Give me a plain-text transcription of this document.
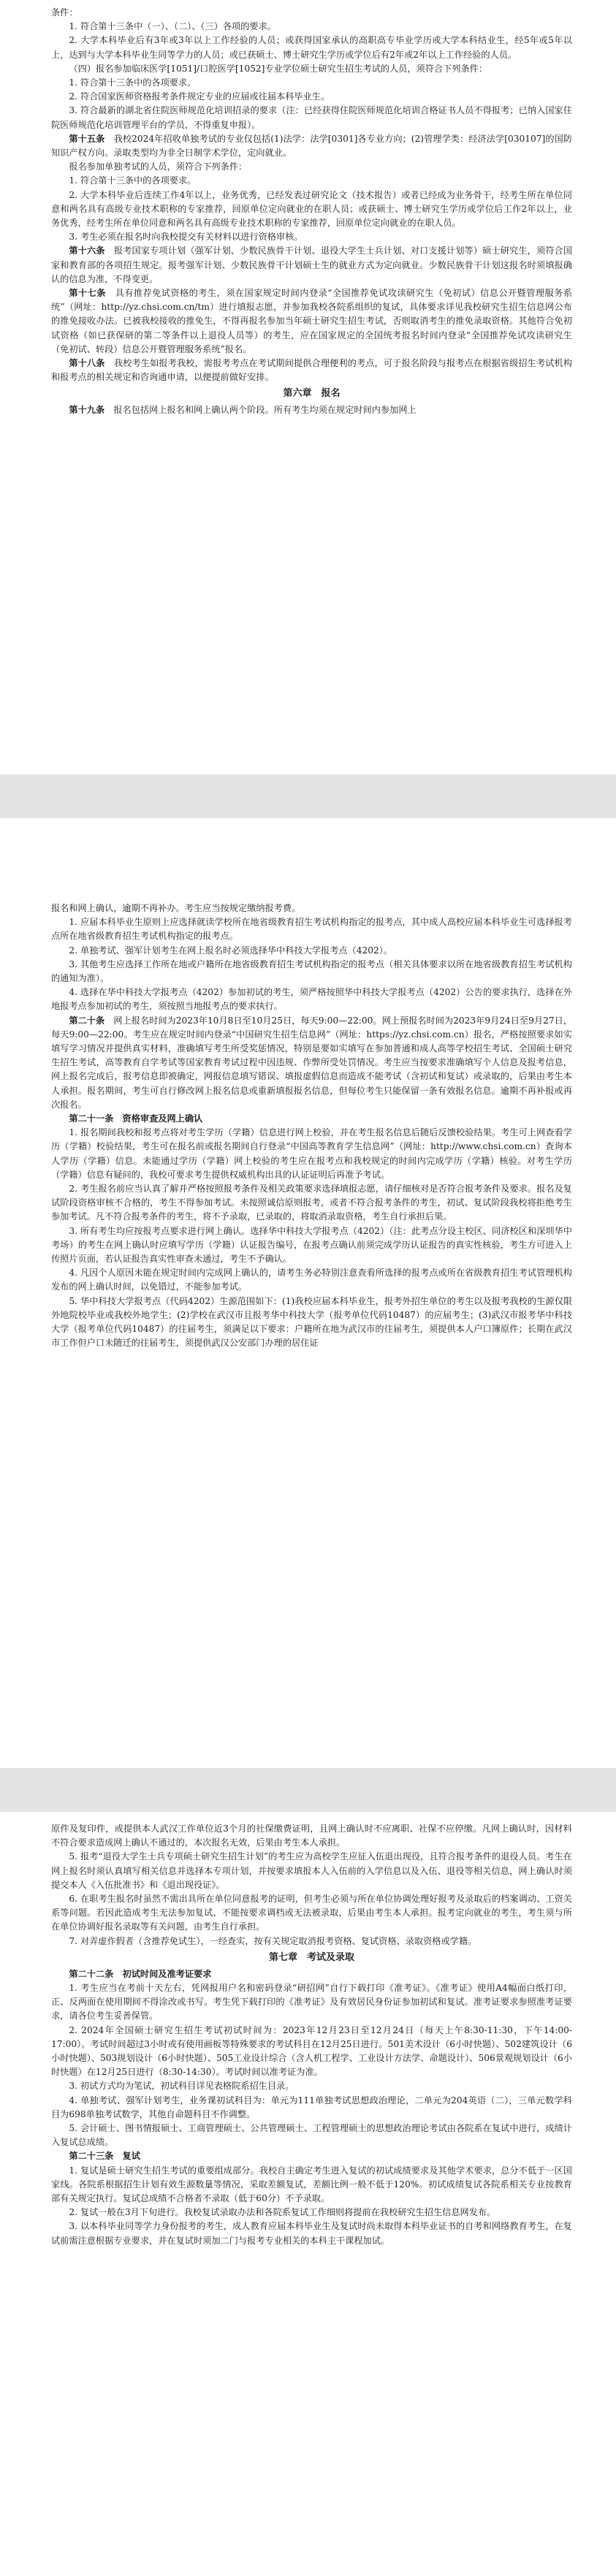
条件：

1. 符合第十三条中（一）、（二）、（三）各项的要求。

2. 大学本科毕业后有3年或3年以上工作经验的人员；或获得国家承认的高职高专毕业学历或大学本科结业生，经5年或5年以上，达到与大学本科毕业生同等学力的人员；或已获硕士、博士研究生学历或学位后有2年或2年以上工作经验的人员。

（四）报名参加临床医学[1051]/口腔医学[1052]专业学位硕士研究生招生考试的人员，须符合下列条件：

1. 符合第十三条中的各项要求。

2. 符合国家医师资格报考条件规定专业的应届或往届本科毕业生。

3. 符合最新的湖北省住院医师规范化培训招录的要求（注：已经获得住院医师规范化培训合格证书人员不得报考；已纳入国家住院医师规范化培训管理平台的学员，不得重复申报）。

第十五条　 我校2024年招收单独考试的专业仅包括(1)法学：法学[0301]各专业方向；(2)管理学类：经济法学[030107]的国防知识产权方向。录取类型均为非全日制学术学位，定向就业。

报名参加单独考试的人员，须符合下列条件：

1. 符合第十三条中的各项要求。

2. 大学本科毕业后连续工作4年以上，业务优秀，已经发表过研究论文（技术报告）或者已经成为业务骨干，经考生所在单位同意和两名具有高级专业技术职称的专家推荐，回原单位定向就业的在职人员；或获硕士、博士研究生学历或学位后工作2年以上，业务优秀，经考生所在单位同意和两名具有高级专业技术职称的专家推荐，回原单位定向就业的在职人员。

3. 考生必须在报名时向我校提交有关材料以进行资格审核。

第十六条　 报考国家专项计划（强军计划、少数民族骨干计划、退役大学生士兵计划、对口支援计划等）硕士研究生，须符合国家和教育部的各项招生规定。报考强军计划、少数民族骨干计划硕士生的就业方式为定向就业。少数民族骨干计划这报名时须填报确认的信息为准，不得变更。

第十七条　 具有推荐免试资格的考生，须在国家规定时间内登录“全国推荐免试攻读研究生（免初试）信息公开暨管理服务系统”（网址：http://yz.chsi.com.cn/tm）进行填报志愿，并参加我校各院系组织的复试，具体要求详见我校研究生招生信息网公布的推免接收办法。已被我校接收的推免生，不得再报名参加当年硕士研究生招生考试，否则取消考生的推免录取资格。其他符合免初试资格（如已获保研的第二等条件以上退役人员等）的考生，应在国家规定的全国统考报名时间内登录“全国推荐免试攻读研究生（免初试、转段）信息公开暨管理服务系统”报名。

第十八条　 我校考生如报考我校，需报考考点在考试期间提供合理便利的考点，可于报名阶段与报考点在根据省级招生考试机构和报考点的相关规定和咨询通申请，以便提前做好安排。

第六章　报名

第十九条　 报名包括网上报名和网上确认两个阶段。所有考生均须在规定时间内参加网上

报名和网上确认，逾期不再补办。考生应当按规定缴纳报考费。

1. 应届本科毕业生原则上应选择就读学校所在地省级教育招生考试机构指定的报考点，其中成人高校应届本科毕业生可选择报考点所在地省级教育招生考试机构指定的报考点。

2. 单独考试、强军计划考生在网上报名时必须选择华中科技大学报考点（4202）。

3. 其他考生应选择工作所在地或户籍所在地省级教育招生考试机构指定的报考点（相关具体要求以所在地省级教育招生考试机构的通知为准）。

4. 选择在华中科技大学报考点（4202）参加初试的考生，须严格按照华中科技大学报考点（4202）公告的要求执行，选择在外地报考点参加初试的考生，须按照当地报考点的要求执行。

第二十条　 网上报名时间为2023年10月8日至10月25日，每天9:00—22:00。网上预报名时间为2023年9月24日至9月27日，每天9:00—22:00。考生应在规定时间内登录“中国研究生招生信息网”（网址：https://yz.chsi.com.cn）报名，严格按照要求如实填写学习情况并提供真实材料，准确填写考生所受奖惩情况，特别是要如实填写在参加普通和成人高等学校招生考试、全国硕士研究生招生考试，高等教育自学考试等国家教育考试过程中因违规、作弊所受处罚情况。考生应当按要求准确填写个人信息及报考信息，网上报名完成后，报考信息即被确定，网报信息填写错误、填报虚假信息而造成不能考试（含初试和复试）或录取的，后果由考生本人承担。报名期间，考生可自行修改网上报名信息或重新填报报名信息，但每位考生只能保留一条有效报名信息。逾期不再补报或再次报名。

第二十一条　 资格审查及网上确认

1. 报名期间我校和报考点将对考生学历（学籍）信息进行网上校验，并在考生报名信息后随后反馈校验结果。考生可上网查看学历（学籍）校验结果，考生可在报名前或报名期间自行登录“中国高等教育学生信息网”（网址：http://www.chsi.com.cn）查询本人学历（学籍）信息。未能通过学历（学籍）网上校验的考生应在报考点和我校规定的时间内完成学历（学籍）核验。对考生学历（学籍）信息有疑问的，我校可要求考生提供权威机构出具的认证证明后再准予考试。

2. 考生报名前应当认真了解并严格按照报考条件及相关政策要求选择填报志愿，请仔细核对是否符合报考条件及要求。报名及复试阶段资格审核不合格的，考生不得参加考试。未按照诚信原则报考，或者不符合报考条件的考生，初试、复试阶段我校将拒绝考生参加考试。凡不符合报考条件的考生，将不予录取，已录取的，将取消录取资格，考生自行承担后果。

3. 所有考生均应按报考点要求进行网上确认。选择华中科技大学报考点（4202）（注：此考点分设主校区、同济校区和深圳华中考场）的考生在网上确认时应填写学历（学籍）认证报告编号，在报考点确认前须完成学历认证报告的真实性核验，考生方可进入上传照片页面，若认证报告真实性审查未通过，考生不予确认。

4. 凡因个人原因未能在规定时间内完成网上确认的，请考生务必特别注意查看所选择的报考点或所在省级教育招生考试管理机构发布的网上确认时间，以免错过，不能参加考试。

5. 华中科技大学报考点（代码4202）生源范围如下：(1)我校应届本科毕业生，报考外招生单位的考生以及报考我校的生源仅限外地院校毕业或我校外地学生；(2)学校在武汉市且报考华中科技大学（报考单位代码10487）的应届考生；(3)武汉市报考华中科技大学（报考单位代码10487）的往届考生，须满足以下要求：户籍所在地为武汉市的往届考生，须提供本人户口簿原件；长期在武汉市工作但户口未随迁的往届考生，须提供武汉公安部门办理的居住证

原件及复印件，或提供本人武汉工作单位近3个月的社保缴费证明，且网上确认时不应离职、社保不应停缴。凡网上确认时，因材料不符合要求造成网上确认不通过的，本次报名无效，后果由考生本人承担。

5. 报考“退役大学生士兵专项硕士研究生招生计划”的考生应为高校学生应征入伍退出现役，且符合报考条件的退役人员。考生在网上报名时须认真填写相关信息并选择本专项计划，并按要求填报本人入伍前的入学信息以及入伍、退役等相关信息，网上确认时须提交本人《入伍批准书》和《退出现役证》。

6. 在职考生报名时虽然不需出具所在单位同意报考的证明，但考生必须与所在单位协调处理好报考及录取后的档案调动、工资关系等问题。若因此造成考生无法参加复试、不能按要求调档或无法被录取，后果由考生本人承担。报考定向就业的考生，考生须与所在单位协调好报名录取等有关问题，由考生自行承担。

7. 对弄虚作假者（含推荐免试生），一经查实，按有关规定取消报考资格、复试资格、录取资格或学籍。

第七章　考试及录取

第二十二条　 初试时间及准考证要求

1. 考生应当在考前十天左右，凭网报用户名和密码登录“研招网”自行下载打印《准考证》。《准考证》使用A4幅面白纸打印，正、反两面在使用期间不得涂改或书写。考生凭下载打印的《准考证》及有效居民身份证参加初试和复试。准考证要求参照准考证要求，请各位考生妥善保管。

2. 2024年全国硕士研究生招生考试初试时间为：2023年12月23日至12月24日（每天上午8:30-11:30，下午14:00-17:00）。考试时间超过3小时或有使用画板等特殊要求的考试科目在12月25日进行。501美术设计（6小时快题）、502建筑设计（6小时快题）、503规划设计（6小时快题）、505工业设计综合（含人机工程学、工业设计方法学、命题设计）、506景观规划设计（6小时快题）在12月25日进行（8:30-14:30）。考试时间以准考证为准。

3. 初试方式均为笔试，初试科目详见表格院系招生目录。

4. 单独考试、强军计划考生，业务课初试科目为：单元为111单独考试思想政治理论，二单元为204英语（二），三单元数学科目为698单独考试数学，其他自命题科目不作调整。

5. 会计硕士、图书情报硕士、工商管理硕士、公共管理硕士、工程管理硕士的思想政治理论考试由各院系在复试中进行，成绩计入复试总成绩。

第二十三条　 复试

1. 复试是硕士研究生招生考试的重要组成部分。我校自主确定考生进入复试的初试成绩要求及其他学术要求，总分不低于一区国家线。各院系根据招生计划有效生源数量等情况，采取差额复试，差额比例一般不低于120%。初试成绩复试各院系相关专业按教育部有关规定执行。复试总成绩不合格者不录取（低于60分）不予录取。

2. 复试一般在3月下旬进行。我校复试录取办法和各院系复试工作细则将提前在我校研究生招生信息网发布。

3. 以本科毕业同等学力身份报考的考生，成人教育应届本科毕业生及复试时尚未取得本科毕业证书的自考和网络教育考生，在复试前需注意根据专业要求，并在复试时须加二门与报考专业相关的本科主干课程加试。
